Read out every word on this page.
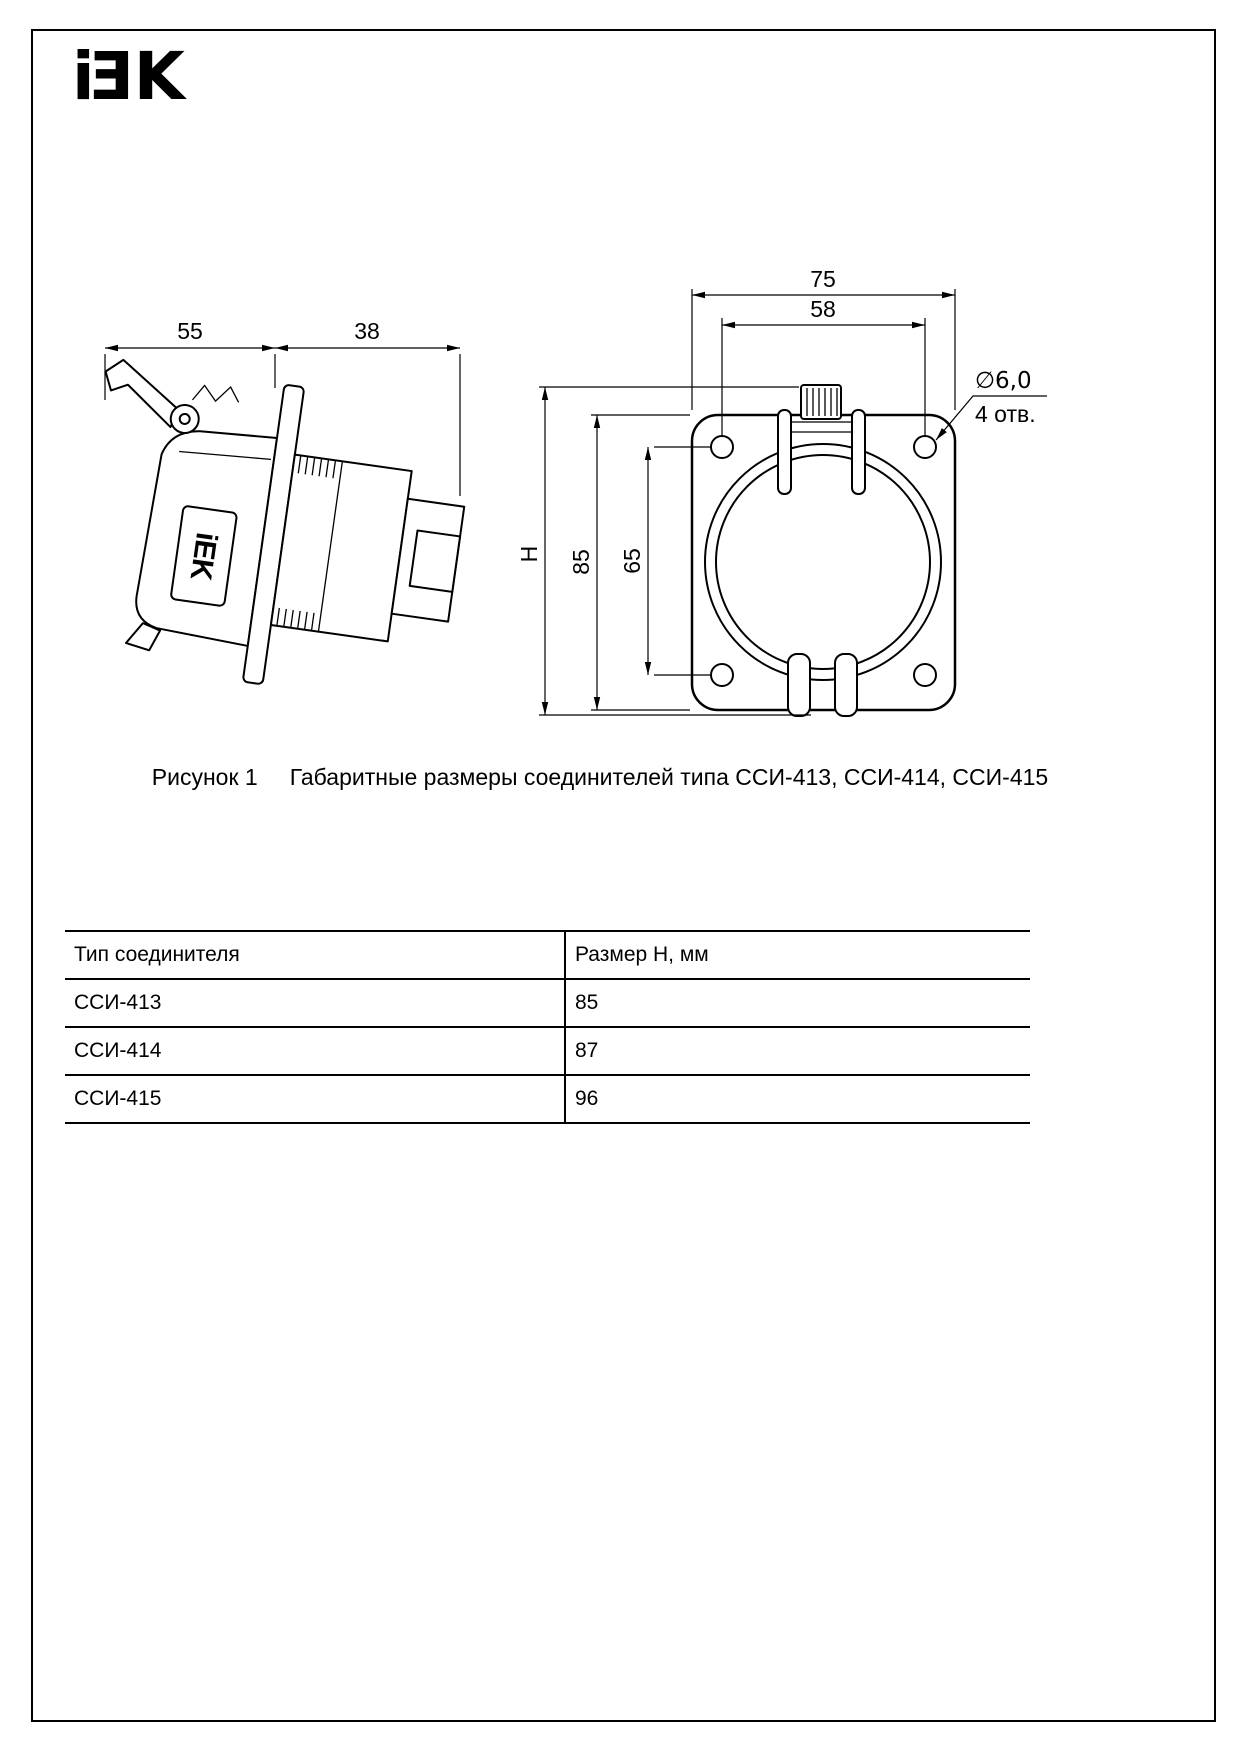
iEK
iEK
55	38
75
58
H 85 65
∅6,0
4 отв.
Рисунок 1 Габаритные размеры соединителей типа ССИ-413, ССИ-414, ССИ-415
Тип соединителя	Размер H, мм
ССИ-413	85
ССИ-414	87
ССИ-415	96
